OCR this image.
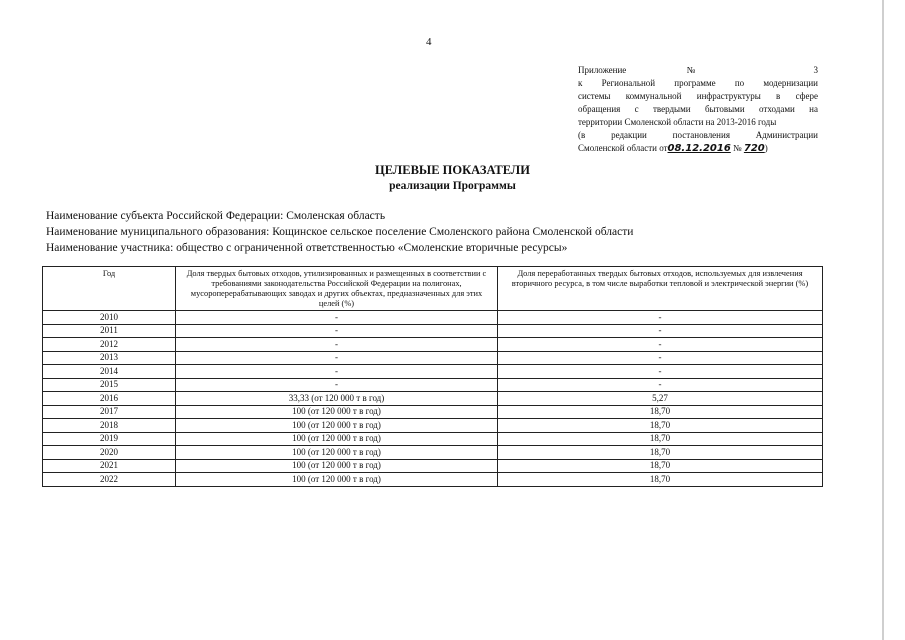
4
Приложение № 3
к Региональной программе по модернизации
системы коммунальной инфраструктуры в сфере
обращения с твердыми бытовыми отходами на
территории Смоленской области на 2013-2016 годы
(в редакции постановления Администрации
Смоленской области от08.12.2016 № 720)
ЦЕЛЕВЫЕ ПОКАЗАТЕЛИ
реализации Программы
Наименование субъекта Российской Федерации: Смоленская область
Наименование муниципального образования: Кощинское сельское поселение Смоленского района Смоленской области
Наименование участника: общество с ограниченной ответственностью «Смоленские вторичные ресурсы»
Год	Доля твердых бытовых отходов, утилизированных и размещенных в соответствии с требованиями законодательства Российской Федерации на полигонах, мусороперерабатывающих заводах и других объектах, предназначенных для этих целей (%)	Доля переработанных твердых бытовых отходов, используемых для извлечения вторичного ресурса, в том числе выработки тепловой и электрической энергии (%)
2010	-	-
2011	-	-
2012	-	-
2013	-	-
2014	-	-
2015	-	-
2016	33,33 (от 120 000 т в год)	5,27
2017	100 (от 120 000 т в год)	18,70
2018	100 (от 120 000 т в год)	18,70
2019	100 (от 120 000 т в год)	18,70
2020	100 (от 120 000 т в год)	18,70
2021	100 (от 120 000 т в год)	18,70
2022	100 (от 120 000 т в год)	18,70
